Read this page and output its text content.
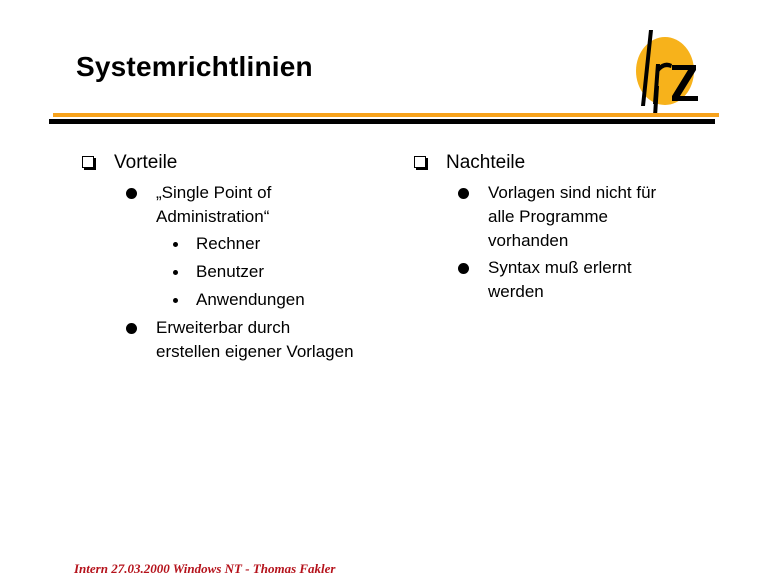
Systemrichtlinien
Vorteile
„Single Point of
Administration“
Rechner
Benutzer
Anwendungen
Erweiterbar durch
erstellen eigener Vorlagen
Nachteile
Vorlagen sind nicht für
alle Programme
vorhanden
Syntax muß erlernt
werden
Intern 27.03.2000 Windows NT - Thomas Fakler
